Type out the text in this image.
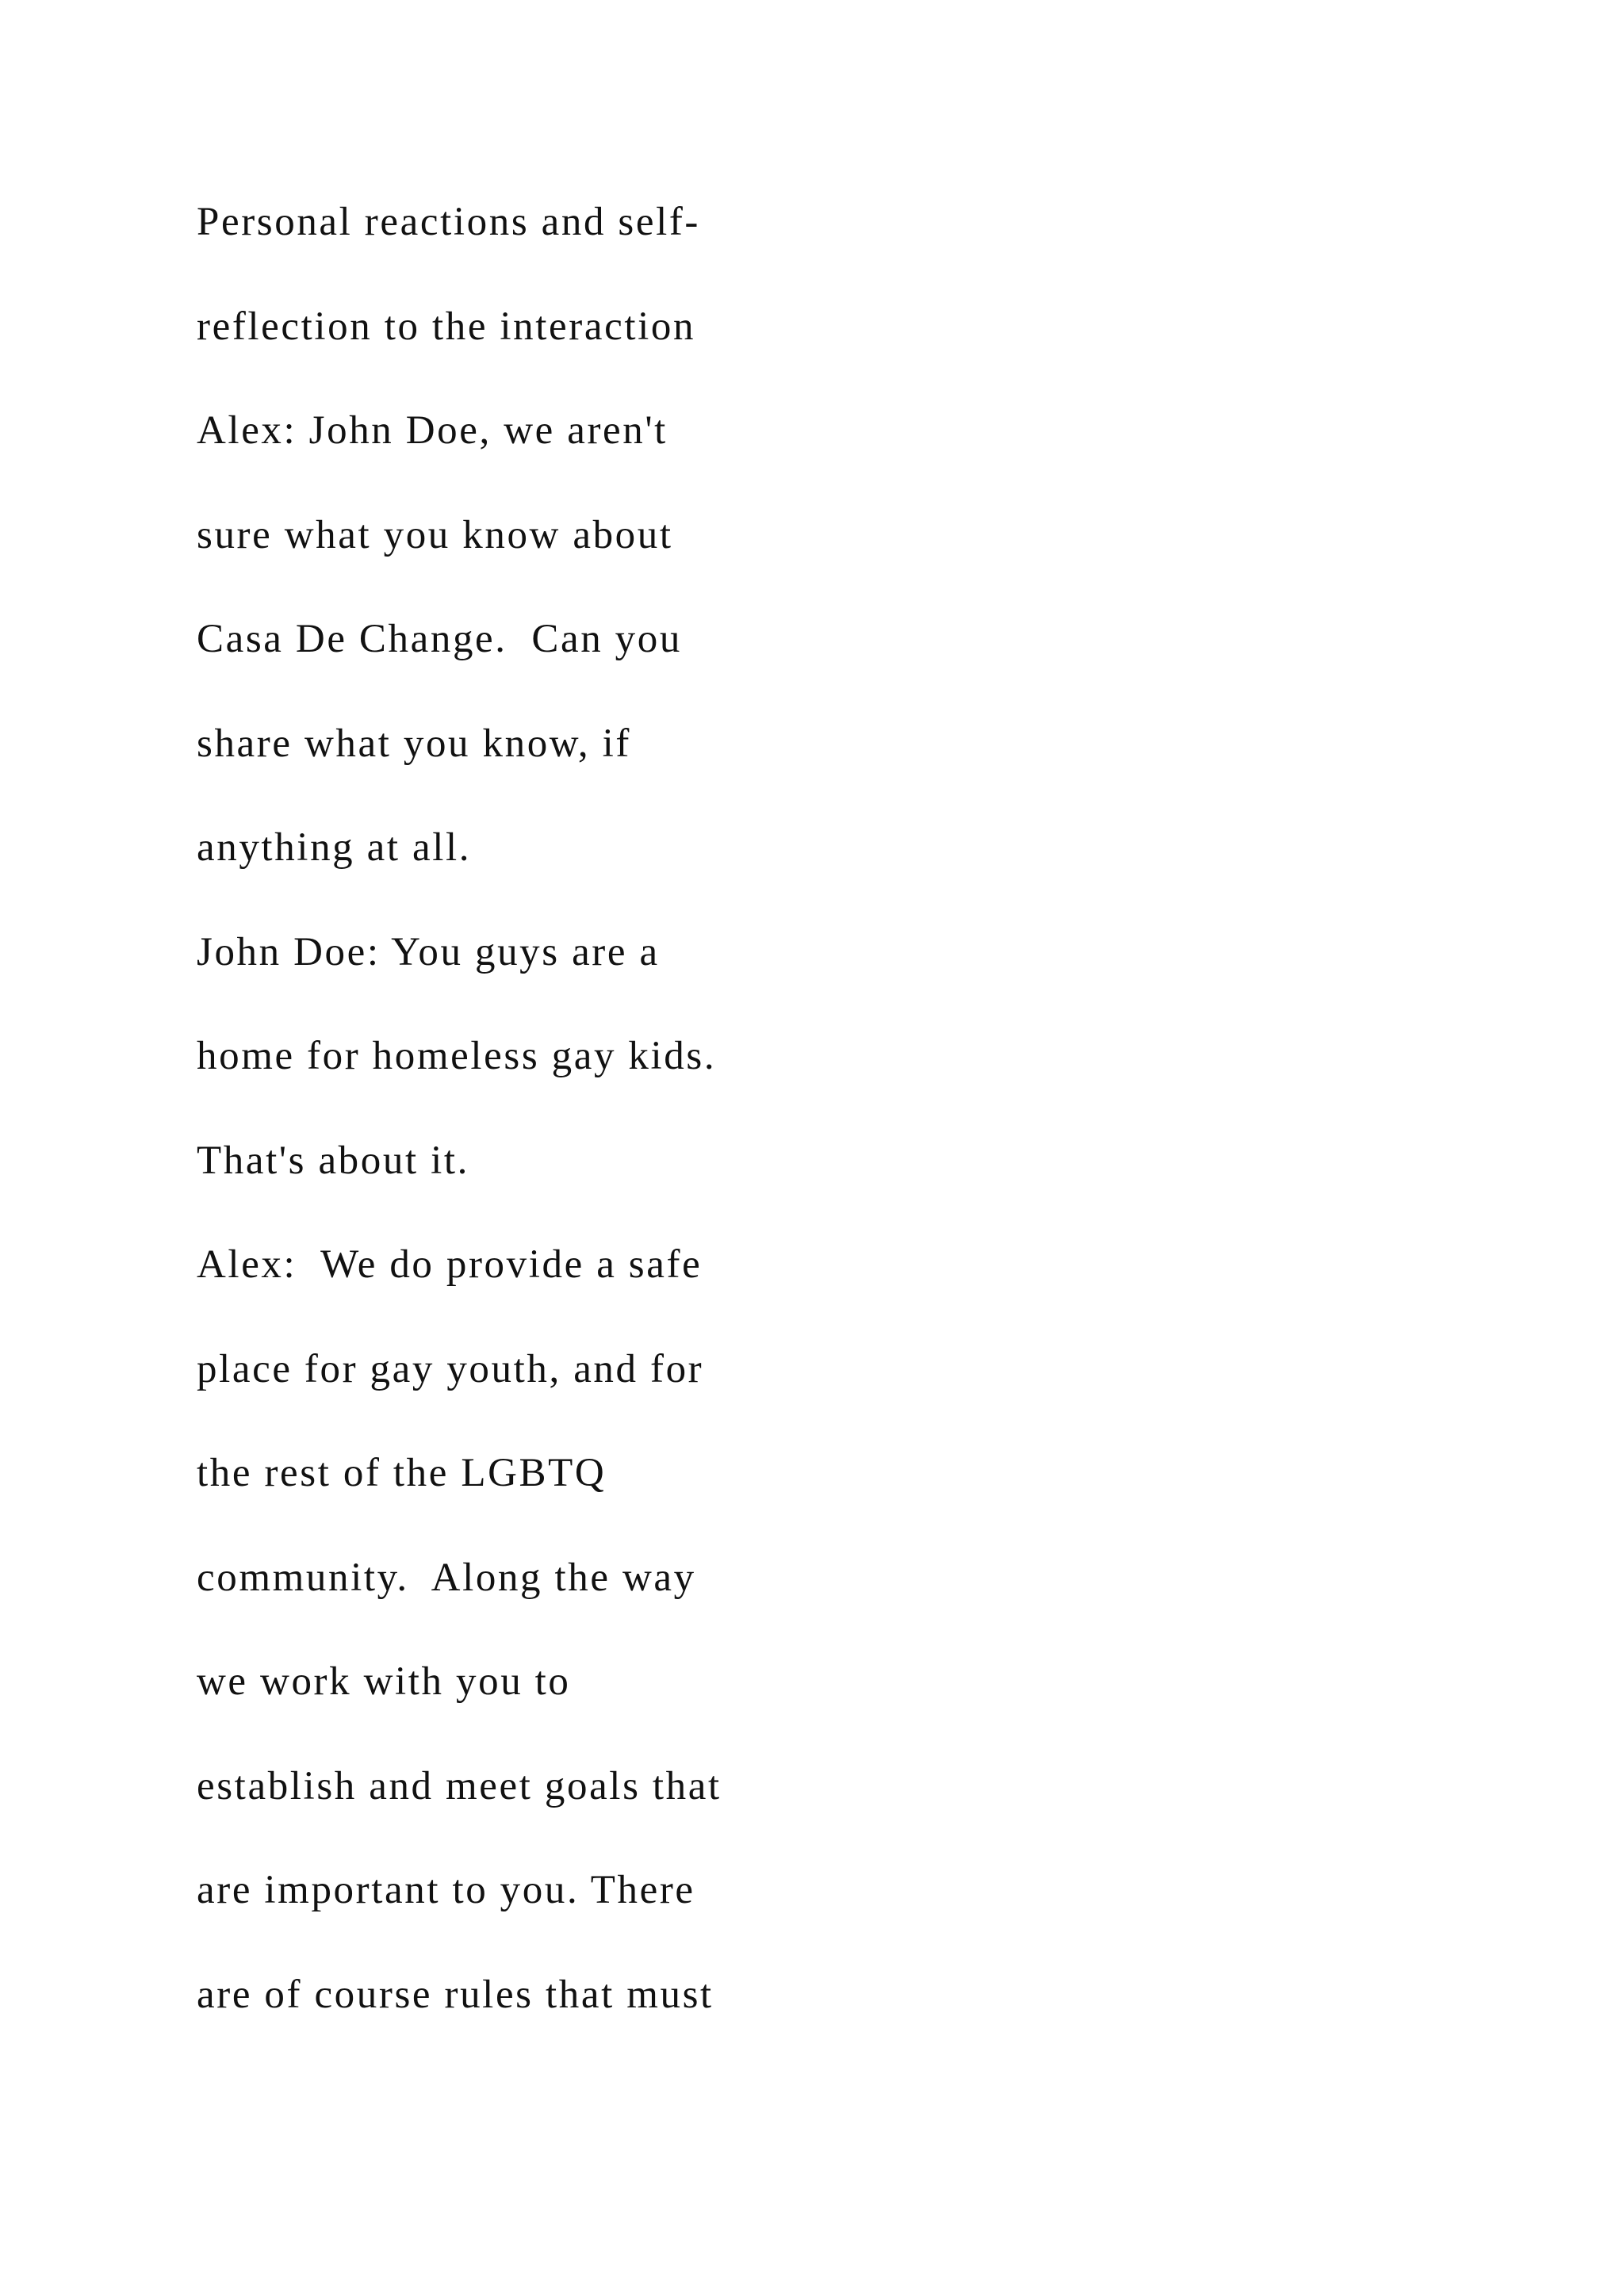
Personal reactions and self-
reflection to the interaction
Alex: John Doe, we aren't
sure what you know about
Casa De Change.  Can you
share what you know, if
anything at all.
John Doe: You guys are a
home for homeless gay kids.
That's about it.
Alex:  We do provide a safe
place for gay youth, and for
the rest of the LGBTQ
community.  Along the way
we work with you to
establish and meet goals that
are important to you. There
are of course rules that must
